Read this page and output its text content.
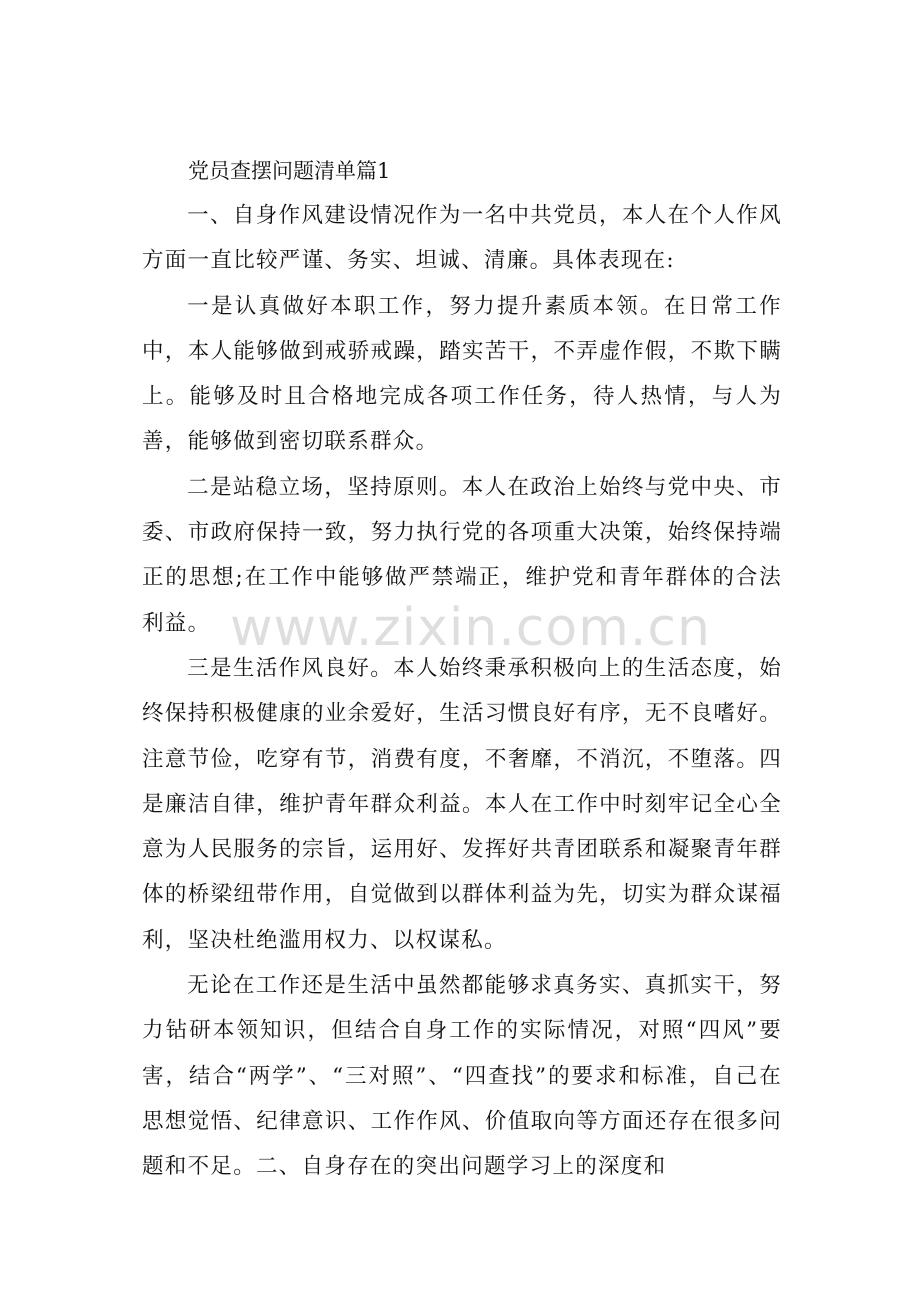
党员查摆问题清单篇1

一、自身作风建设情况作为一名中共党员，本人在个人作风方面一直比较严谨、务实、坦诚、清廉。具体表现在:

一是认真做好本职工作，努力提升素质本领。在日常工作中，本人能够做到戒骄戒躁，踏实苦干，不弄虚作假，不欺下瞒上。能够及时且合格地完成各项工作任务，待人热情，与人为善，能够做到密切联系群众。

二是站稳立场，坚持原则。本人在政治上始终与党中央、市委、市政府保持一致，努力执行党的各项重大决策，始终保持端正的思想;在工作中能够做严禁端正，维护党和青年群体的合法利益。

三是生活作风良好。本人始终秉承积极向上的生活态度，始终保持积极健康的业余爱好，生活习惯良好有序，无不良嗜好。注意节俭，吃穿有节，消费有度，不奢靡，不消沉，不堕落。四是廉洁自律，维护青年群众利益。本人在工作中时刻牢记全心全意为人民服务的宗旨，运用好、发挥好共青团联系和凝聚青年群体的桥梁纽带作用，自觉做到以群体利益为先，切实为群众谋福利，坚决杜绝滥用权力、以权谋私。

无论在工作还是生活中虽然都能够求真务实、真抓实干，努力钻研本领知识，但结合自身工作的实际情况，对照“四风”要害，结合“两学”、“三对照”、“四查找”的要求和标准，自己在思想觉悟、纪律意识、工作作风、价值取向等方面还存在很多问题和不足。二、自身存在的突出问题学习上的深度和

www.zixin.com.cn
